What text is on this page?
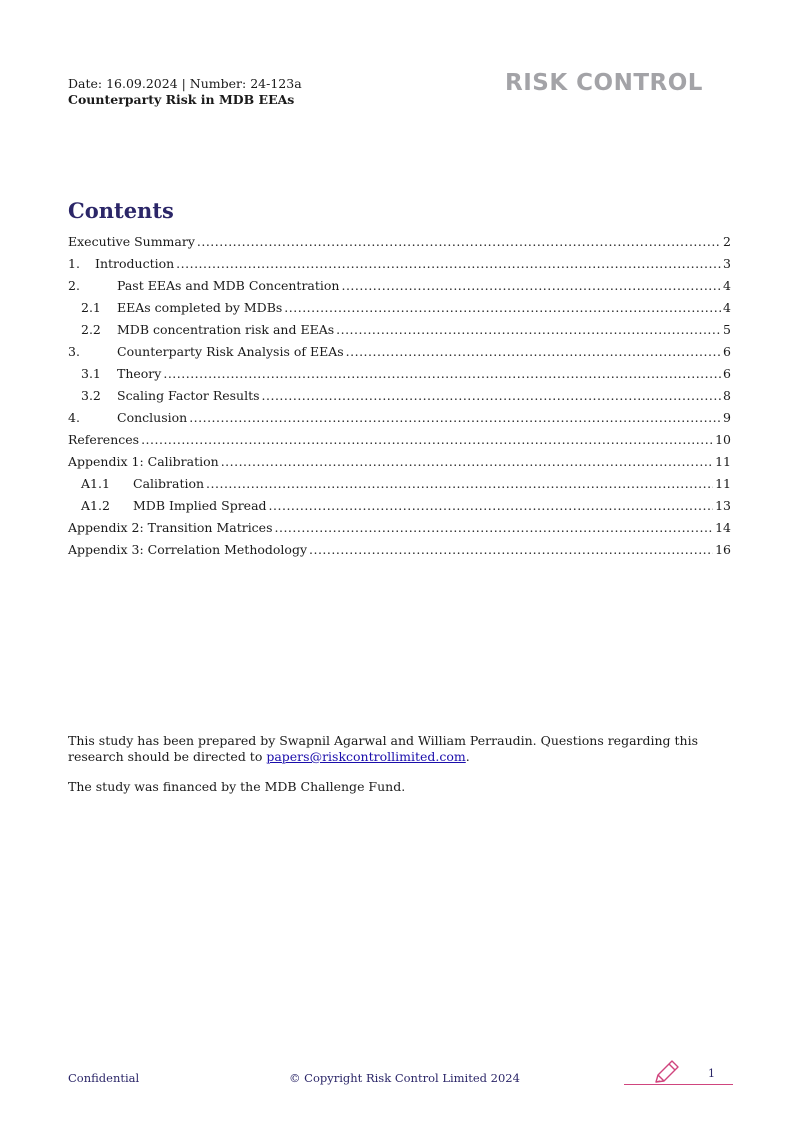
Date: 16.09.2024 | Number: 24-123a
Counterparty Risk in MDB EEAs
RISK CONTROL
Contents
Executive Summary .....	2
1.	Introduction .....	3
2.	Past EEAs and MDB Concentration .....	4
2.1	EEAs completed by MDBs .....	4
2.2	MDB concentration risk and EEAs .....	5
3.	Counterparty Risk Analysis of EEAs .....	6
3.1	Theory .....	6
3.2	Scaling Factor Results .....	8
4.	Conclusion .....	9
References .....	10
Appendix 1: Calibration .....	11
A1.1	Calibration .....	11
A1.2	MDB Implied Spread .....	13
Appendix 2: Transition Matrices .....	14
Appendix 3: Correlation Methodology .....	16

This study has been prepared by Swapnil Agarwal and William Perraudin. Questions regarding this research should be directed to papers@riskcontrollimited.com.

The study was financed by the MDB Challenge Fund.

Confidential	© Copyright Risk Control Limited 2024	1
